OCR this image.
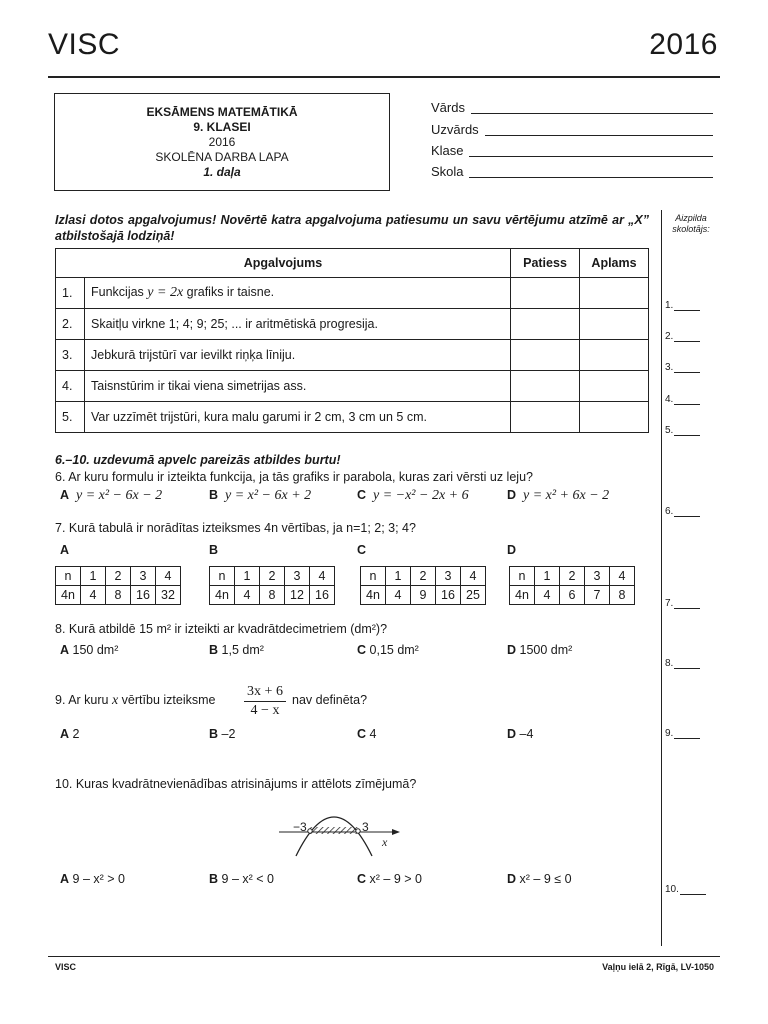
VISC	2016
EKSĀMENS MATEMĀTIKĀ
9. KLASEI
2016
SKOLĒNA DARBA LAPA
1. daļa
Vārds
Uzvārds
Klase
Skola
Aizpilda skolotājs:
1.
2.
3.
4.
5.
6.
7.
8.
9.
10.
Izlasi dotos apgalvojumus! Novērtē katra apgalvojuma patiesumu un savu vērtējumu atzīmē ar „X” atbilstošajā lodziņā!
Apgalvojums		Patiess	Aplams
1.	Funkcijas y = 2x grafiks ir taisne.		
2.	Skaitļu virkne 1; 4; 9; 25; ... ir aritmētiskā progresija.		
3.	Jebkurā trijstūrī var ievilkt riņķa līniju.		
4.	Taisnstūrim ir tikai viena simetrijas ass.		
5.	Var uzzīmēt trijstūri, kura malu garumi ir 2 cm, 3 cm un 5 cm.		
6.–10. uzdevumā apvelc pareizās atbildes burtu!
6. Ar kuru formulu ir izteikta funkcija, ja tās grafiks ir parabola, kuras zari vērsti uz leju?
A y = x² − 6x − 2	B y = x² − 6x + 2	C y = −x² − 2x + 6	D y = x² + 6x − 2
7. Kurā tabulā ir norādītas izteiksmes 4n vērtības, ja n=1; 2; 3; 4?
A
n	1	2	3	4
4n	4	8	16	32
B
n	1	2	3	4
4n	4	8	12	16
C
n	1	2	3	4
4n	4	9	16	25
D
n	1	2	3	4
4n	4	6	7	8
8. Kurā atbildē 15 m² ir izteikti ar kvadrātdecimetriem (dm²)?
A 150 dm²	B 1,5 dm²	C 0,15 dm²	D 1500 dm²
9. Ar kuru x vērtību izteiksme
3x + 6
4 − x
nav definēta?
A 2	B –2	C 4	D –4
10. Kuras kvadrātnevienādības atrisinājums ir attēlots zīmējumā?
−3	3
x
A 9 – x² > 0	B 9 – x² < 0	C x² – 9 > 0	D x² – 9 ≤ 0
VISC	Vaļņu ielā 2, Rīgā, LV-1050
